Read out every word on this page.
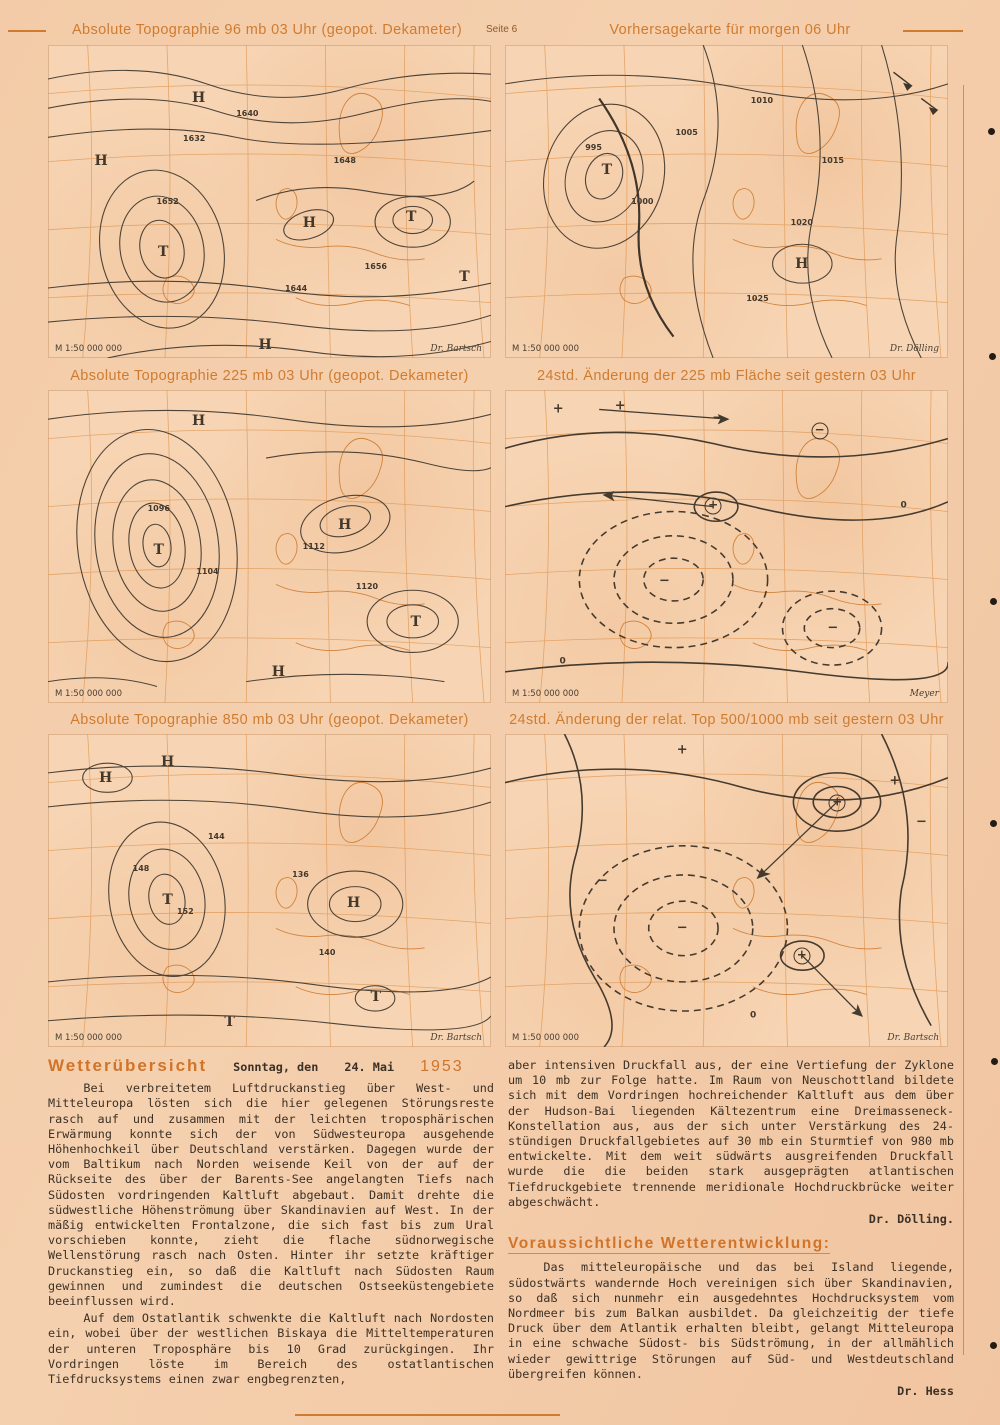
Absolute Topographie 96 mb 03 Uhr (geopot. Dekameter)	Seite 6	Vorhersagekarte für morgen 06 Uhr
M 1:50 000 000	Dr. Bartsch
H
H
T
H	T
T
H
1640
1632
1652
1648
1656
1644
M 1:50 000 000	Dr. Dölling
T
H
995
1000
1005
1010
1015
1020
1025
Absolute Topographie 225 mb 03 Uhr (geopot. Dekameter)	24std. Änderung der 225 mb Fläche seit gestern 03 Uhr
M 1:50 000 000
H
T
H
T
H
1096
1104
1112
1120
M 1:50 000 000	Meyer
+	+
−
+
−
−
−
0
0
Absolute Topographie 850 mb 03 Uhr (geopot. Dekameter)	24std. Änderung der relat. Top 500/1000 mb seit gestern 03 Uhr
M 1:50 000 000	Dr. Bartsch
H
H
T	H
T
T
148
152
144
136
140
M 1:50 000 000	Dr. Bartsch
+
+
+
−
−
+
−
0
Wetterübersicht Sonntag, den 24. Mai 1953

Bei verbreitetem Luftdruckanstieg über West- und Mitteleuropa lösten sich die hier gelegenen Störungsreste rasch auf und zusammen mit der leichten troposphärischen Erwärmung konnte sich der von Südwesteuropa ausgehende Höhenhochkeil über Deutschland verstärken. Dagegen wurde der vom Baltikum nach Norden weisende Keil von der auf der Rückseite des über der Barents-See angelangten Tiefs nach Südosten vordringenden Kaltluft abgebaut. Damit drehte die südwestliche Höhenströmung über Skandinavien auf West. In der mäßig entwickelten Frontalzone, die sich fast bis zum Ural vorschieben konnte, zieht die flache südnorwegische Wellenstörung rasch nach Osten. Hinter ihr setzte kräftiger Druckanstieg ein, so daß die Kaltluft nach Südosten Raum gewinnen und zumindest die deutschen Ostseeküstengebiete beeinflussen wird.

Auf dem Ostatlantik schwenkte die Kaltluft nach Nordosten ein, wobei über der westlichen Biskaya die Mitteltemperaturen der unteren Troposphäre bis 10 Grad zurückgingen. Ihr Vordringen löste im Bereich des ostatlantischen Tiefdrucksystems einen zwar engbegrenzten,

aber intensiven Druckfall aus, der eine Vertiefung der Zyklone um 10 mb zur Folge hatte. Im Raum von Neuschottland bildete sich mit dem Vordringen hochreichender Kaltluft aus dem über der Hudson-Bai liegenden Kältezentrum eine Dreimasseneck-Konstellation aus, aus der sich unter Verstärkung des 24-stündigen Druckfallgebietes auf 30 mb ein Sturmtief von 980 mb entwickelte. Mit dem weit südwärts ausgreifenden Druckfall wurde die die beiden stark ausgeprägten atlantischen Tiefdruckgebiete trennende meridionale Hochdruckbrücke weiter abgeschwächt.

Dr. Dölling.

Voraussichtliche Wetterentwicklung:

Das mitteleuropäische und das bei Island liegende, südostwärts wandernde Hoch vereinigen sich über Skandinavien, so daß sich nunmehr ein ausgedehntes Hochdrucksystem vom Nordmeer bis zum Balkan ausbildet. Da gleichzeitig der tiefe Druck über dem Atlantik erhalten bleibt, gelangt Mitteleuropa in eine schwache Südost- bis Südströmung, in der allmählich wieder gewittrige Störungen auf Süd- und Westdeutschland übergreifen können.

Dr. Hess
